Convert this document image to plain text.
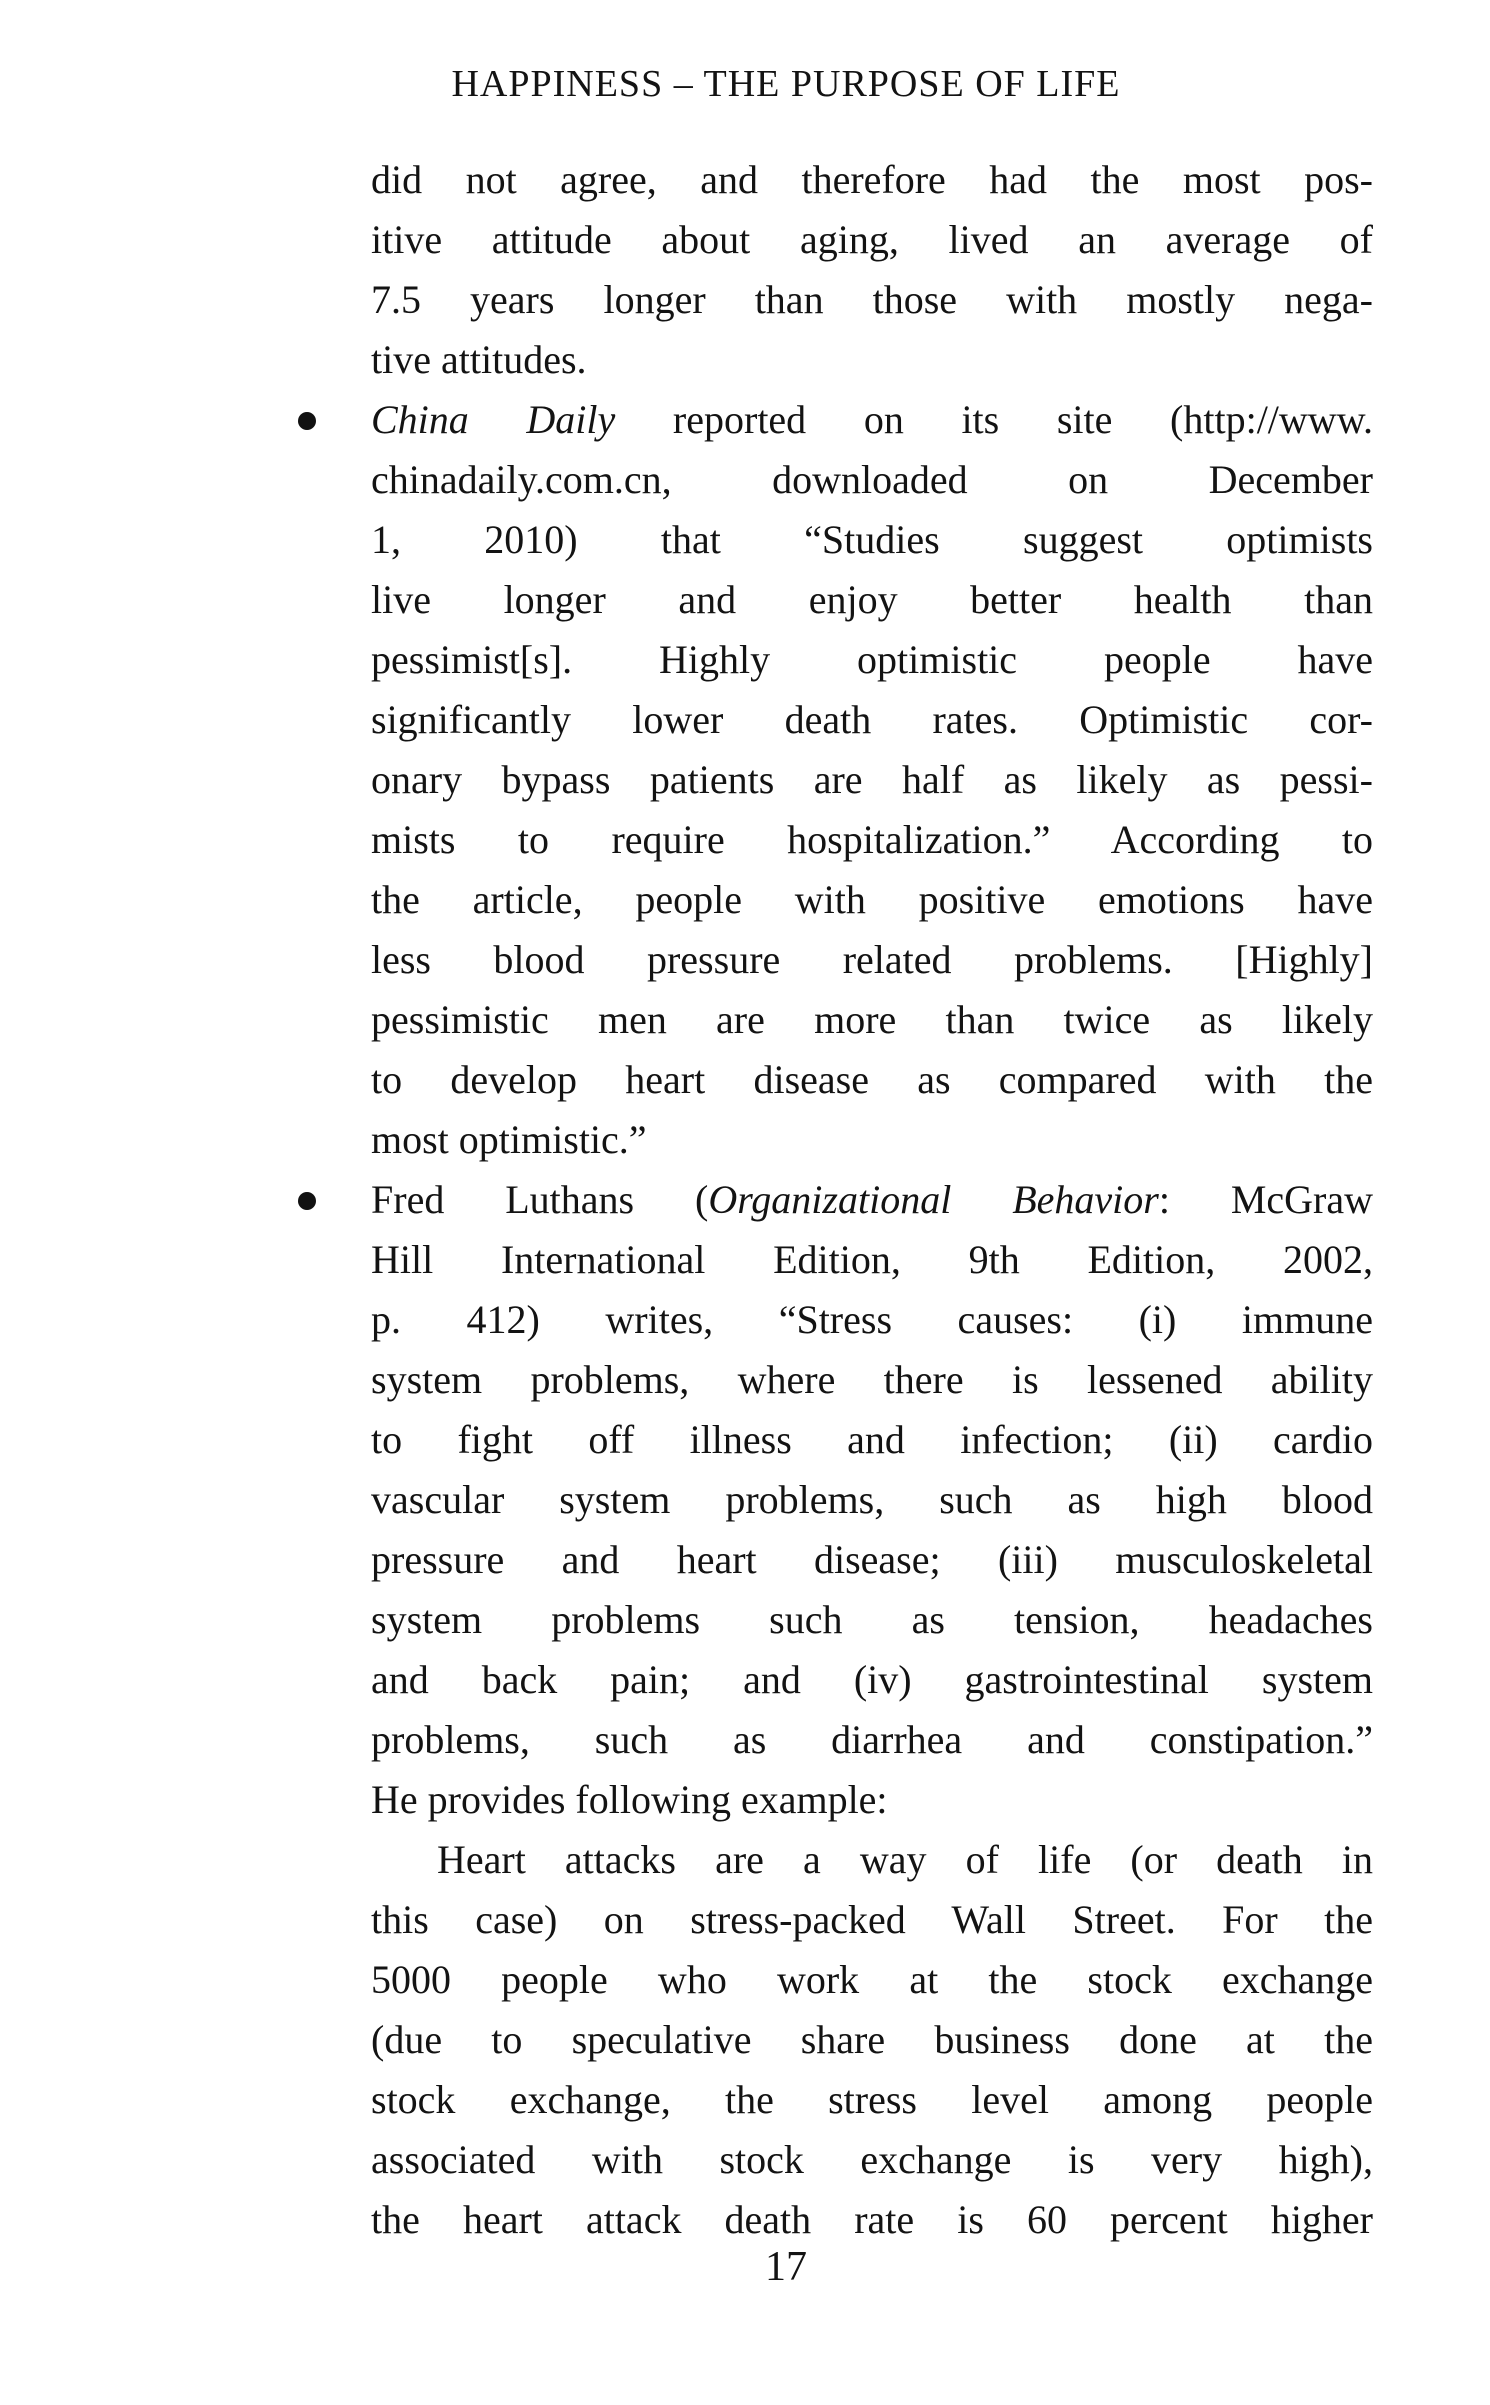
HAPPINESS – THE PURPOSE OF LIFE
did not agree, and therefore had the most pos-
itive attitude about aging, lived an average of
7.5 years longer than those with mostly nega-
tive attitudes.
China Daily reported on its site (http://www.
chinadaily.com.cn, downloaded on December
1, 2010) that “Studies suggest optimists
live longer and enjoy better health than
pessimist[s]. Highly optimistic people have
significantly lower death rates. Optimistic cor-
onary bypass patients are half as likely as pessi-
mists to require hospitalization.” According to
the article, people with positive emotions have
less blood pressure related problems. [Highly]
pessimistic men are more than twice as likely
to develop heart disease as compared with the
most optimistic.”
Fred Luthans (Organizational Behavior: McGraw
Hill International Edition, 9th Edition, 2002,
p. 412) writes, “Stress causes: (i) immune
system problems, where there is lessened ability
to fight off illness and infection; (ii) cardio
vascular system problems, such as high blood
pressure and heart disease; (iii) musculoskeletal
system problems such as tension, headaches
and back pain; and (iv) gastrointestinal system
problems, such as diarrhea and constipation.”
He provides following example:
Heart attacks are a way of life (or death in
this case) on stress-packed Wall Street. For the
5000 people who work at the stock exchange
(due to speculative share business done at the
stock exchange, the stress level among people
associated with stock exchange is very high),
the heart attack death rate is 60 percent higher
17
